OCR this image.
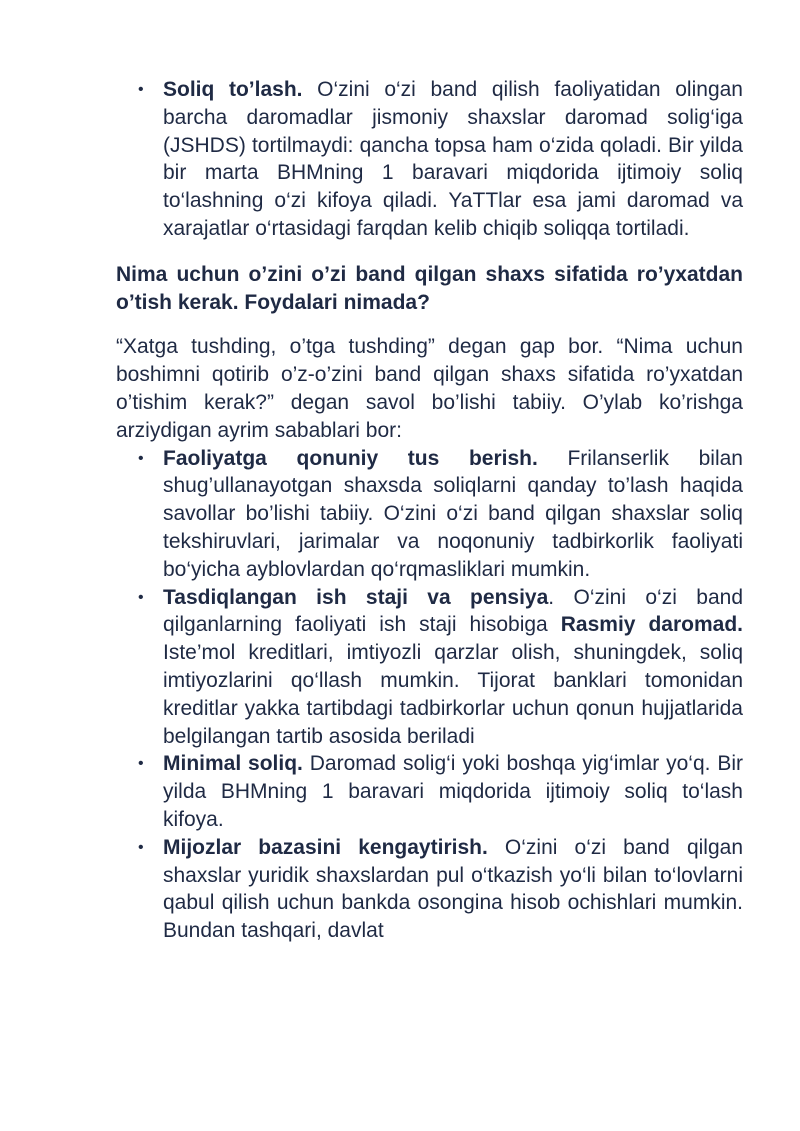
• Soliq to’lash. O‘zini o‘zi band qilish faoliyatidan olingan barcha daromadlar jismoniy shaxslar daromad solig‘iga (JSHDS) tortilmaydi: qancha topsa ham o‘zida qoladi. Bir yilda bir marta BHMning 1 baravari miqdorida ijtimoiy soliq to‘lashning o‘zi kifoya qiladi. YaTTlar esa jami daromad va xarajatlar o‘rtasidagi farqdan kelib chiqib soliqqa tortiladi.

Nima uchun o’zini o’zi band qilgan shaxs sifatida ro’yxatdan o’tish kerak. Foydalari nimada?

“Xatga tushding, o’tga tushding” degan gap bor. “Nima uchun boshimni qotirib o’z-o’zini band qilgan shaxs sifatida ro’yxatdan o’tishim kerak?” degan savol bo’lishi tabiiy. O’ylab ko’rishga arziydigan ayrim sabablari bor:

• Faoliyatga qonuniy tus berish. Frilanserlik bilan shug’ullanayotgan shaxsda soliqlarni qanday to’lash haqida savollar bo’lishi tabiiy. O‘zini o‘zi band qilgan shaxslar soliq tekshiruvlari, jarimalar va noqonuniy tadbirkorlik faoliyati bo‘yicha ayblovlardan qo‘rqmasliklari mumkin.
• Tasdiqlangan ish staji va pensiya. O‘zini o‘zi band qilganlarning faoliyati ish staji hisobiga Rasmiy daromad. Iste’mol kreditlari, imtiyozli qarzlar olish, shuningdek, soliq imtiyozlarini qo‘llash mumkin. Tijorat banklari tomonidan kreditlar yakka tartibdagi tadbirkorlar uchun qonun hujjatlarida belgilangan tartib asosida beriladi
• Minimal soliq. Daromad solig‘i yoki boshqa yig‘imlar yo‘q. Bir yilda BHMning 1 baravari miqdorida ijtimoiy soliq to‘lash kifoya.
• Mijozlar bazasini kengaytirish. O‘zini o‘zi band qilgan shaxslar yuridik shaxslardan pul o‘tkazish yo‘li bilan to‘lovlarni qabul qilish uchun bankda osongina hisob ochishlari mumkin. Bundan tashqari, davlat
